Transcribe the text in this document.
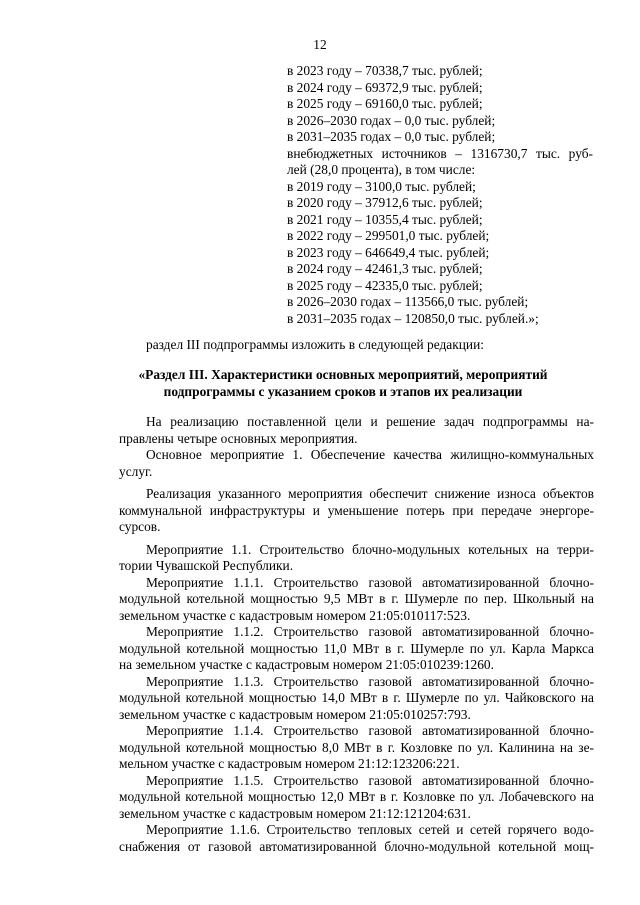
12
в 2023 году – 70338,7 тыс. рублей;
в 2024 году – 69372,9 тыс. рублей;
в 2025 году – 69160,0 тыс. рублей;
в 2026–2030 годах – 0,0 тыс. рублей;
в 2031–2035 годах – 0,0 тыс. рублей;
внебюджетных источников – 1316730,7 тыс. руб-
лей (28,0 процента), в том числе:
в 2019 году – 3100,0 тыс. рублей;
в 2020 году – 37912,6 тыс. рублей;
в 2021 году – 10355,4 тыс. рублей;
в 2022 году – 299501,0 тыс. рублей;
в 2023 году – 646649,4 тыс. рублей;
в 2024 году – 42461,3 тыс. рублей;
в 2025 году – 42335,0 тыс. рублей;
в 2026–2030 годах – 113566,0 тыс. рублей;
в 2031–2035 годах – 120850,0 тыс. рублей.»;
раздел III подпрограммы изложить в следующей редакции:
«Раздел III. Характеристики основных мероприятий, мероприятий
подпрограммы с указанием сроков и этапов их реализации
На реализацию поставленной цели и решение задач подпрограммы на-
правлены четыре основных мероприятия.
Основное мероприятие 1. Обеспечение качества жилищно-коммунальных
услуг.
Реализация указанного мероприятия обеспечит снижение износа объектов
коммунальной инфраструктуры и уменьшение потерь при передаче энергоре-
сурсов.
Мероприятие 1.1. Строительство блочно-модульных котельных на терри-
тории Чувашской Республики.
Мероприятие 1.1.1. Строительство газовой автоматизированной блочно-
модульной котельной мощностью 9,5 МВт в г. Шумерле по пер. Школьный на
земельном участке с кадастровым номером 21:05:010117:523.
Мероприятие 1.1.2. Строительство газовой автоматизированной блочно-
модульной котельной мощностью 11,0 МВт в г. Шумерле по ул. Карла Маркса
на земельном участке с кадастровым номером 21:05:010239:1260.
Мероприятие 1.1.3. Строительство газовой автоматизированной блочно-
модульной котельной мощностью 14,0 МВт в г. Шумерле по ул. Чайковского на
земельном участке с кадастровым номером 21:05:010257:793.
Мероприятие 1.1.4. Строительство газовой автоматизированной блочно-
модульной котельной мощностью 8,0 МВт в г. Козловке по ул. Калинина на зе-
мельном участке с кадастровым номером 21:12:123206:221.
Мероприятие 1.1.5. Строительство газовой автоматизированной блочно-
модульной котельной мощностью 12,0 МВт в г. Козловке по ул. Лобачевского на
земельном участке с кадастровым номером 21:12:121204:631.
Мероприятие 1.1.6. Строительство тепловых сетей и сетей горячего водо-
снабжения от газовой автоматизированной блочно-модульной котельной мощ-
